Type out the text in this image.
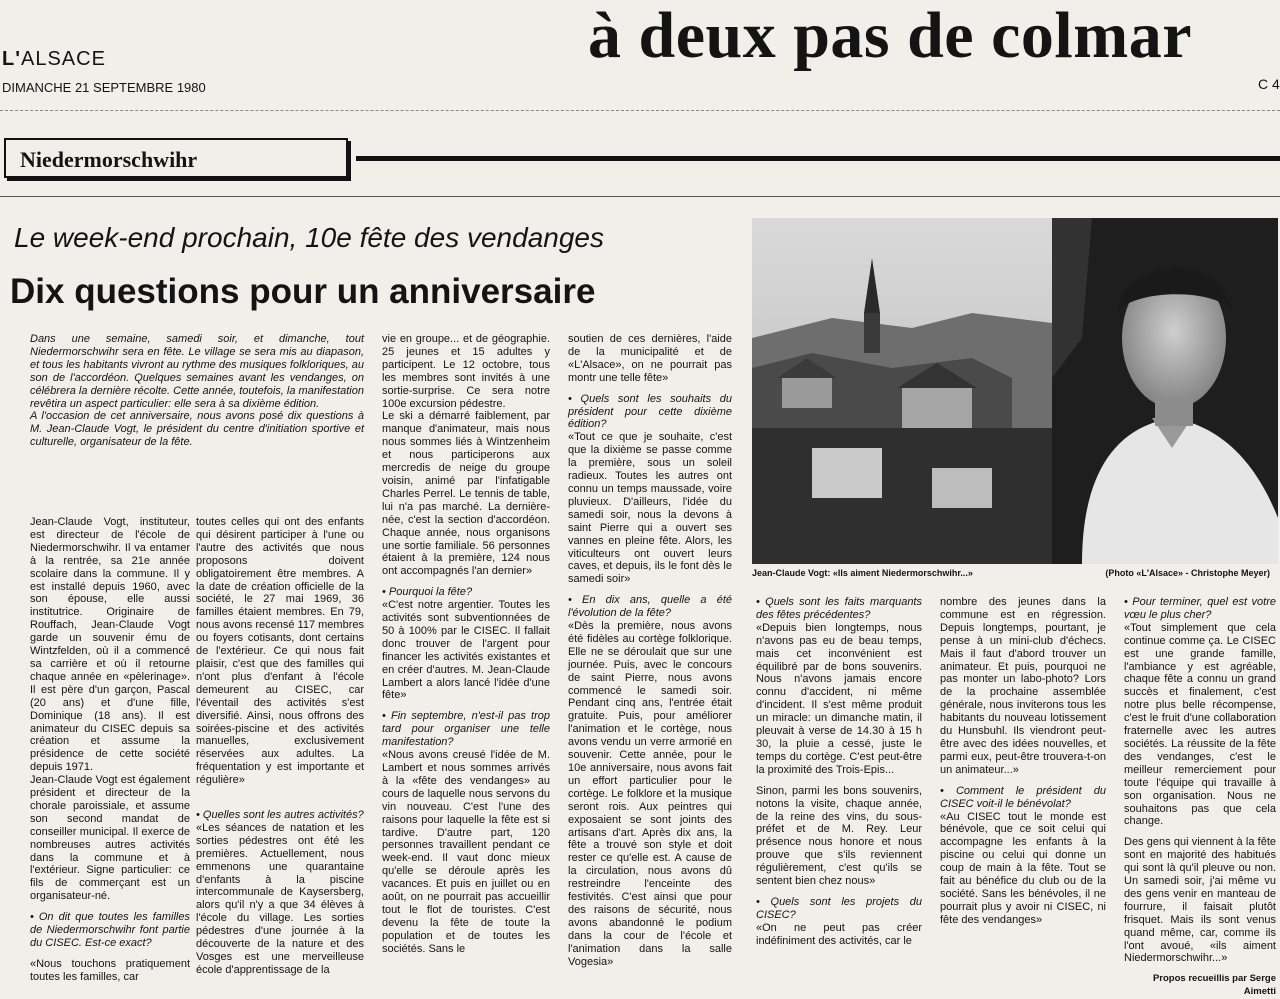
L'ALSACE	à deux pas de colmar
C 4
DIMANCHE 21 SEPTEMBRE 1980
Niedermorschwihr
Le week-end prochain, 10e fête des vendanges
Dix questions pour un anniversaire

Dans une semaine, samedi soir, et dimanche, tout Niedermorschwihr sera en fête. Le village se sera mis au diapason, et tous les habitants vivront au rythme des musiques folkloriques, au son de l'accordéon. Quelques semaines avant les vendanges, on célébrera la dernière récolte. Cette année, toutefois, la manifestation revêtira un aspect particulier: elle sera à sa dixième édition.

A l'occasion de cet anniversaire, nous avons posé dix questions à M. Jean-Claude Vogt, le président du centre d'initiation sportive et culturelle, organisateur de la fête.

Jean-Claude Vogt, instituteur, est directeur de l'école de Niedermorschwihr. Il va entamer à la rentrée, sa 21e année scolaire dans la commune. Il y est installé depuis 1960, avec son épouse, elle aussi institutrice. Originaire de Rouffach, Jean-Claude Vogt garde un souvenir ému de Wintzfelden, où il a commencé sa carrière et où il retourne chaque année en «pèlerinage». Il est père d'un garçon, Pascal (20 ans) et d'une fille, Dominique (18 ans). Il est animateur du CISEC depuis sa création et assume la présidence de cette société depuis 1971.

Jean-Claude Vogt est également président et directeur de la chorale paroissiale, et assume son second mandat de conseiller municipal. Il exerce de nombreuses autres activités dans la commune et à l'extérieur. Signe particulier: ce fils de commerçant est un organisateur-né.

• On dit que toutes les familles de Niedermorschwihr font partie du CISEC. Est-ce exact?

«Nous touchons pratiquement toutes les familles, car

toutes celles qui ont des enfants qui désirent participer à l'une ou l'autre des activités que nous proposons doivent obligatoirement être membres. A la date de création officielle de la société, le 27 mai 1969, 36 familles étaient membres. En 79, nous avons recensé 117 membres ou foyers cotisants, dont certains de l'extérieur. Ce qui nous fait plaisir, c'est que des familles qui n'ont plus d'enfant à l'école demeurent au CISEC, car l'éventail des activités s'est diversifié. Ainsi, nous offrons des soirées-piscine et des activités manuelles, exclusivement réservées aux adultes. La fréquentation y est importante et régulière»

• Quelles sont les autres activités?

«Les séances de natation et les sorties pédestres ont été les premières. Actuellement, nous emmenons une quarantaine d'enfants à la piscine intercommunale de Kaysersberg, alors qu'il n'y a que 34 élèves à l'école du village. Les sorties pédestres d'une journée à la découverte de la nature et des Vosges est une merveilleuse école d'apprentissage de la

vie en groupe... et de géographie. 25 jeunes et 15 adultes y participent. Le 12 octobre, tous les membres sont invités à une sortie-surprise. Ce sera notre 100e excursion pédestre.

Le ski a démarré faiblement, par manque d'animateur, mais nous nous sommes liés à Wintzenheim et nous participerons aux mercredis de neige du groupe voisin, animé par l'infatigable Charles Perrel. Le tennis de table, lui n'a pas marché. La dernière-née, c'est la section d'accordéon. Chaque année, nous organisons une sortie familiale. 56 personnes étaient à la première, 124 nous ont accompagnés l'an dernier»

• Pourquoi la fête?

«C'est notre argentier. Toutes les activités sont subventionnées de 50 à 100% par le CISEC. Il fallait donc trouver de l'argent pour financer les activités existantes et en créer d'autres. M. Jean-Claude Lambert a alors lancé l'idée d'une fête»

• Fin septembre, n'est-il pas trop tard pour organiser une telle manifestation?

«Nous avons creusé l'idée de M. Lambert et nous sommes arrivés à la «fête des vendanges» au cours de laquelle nous servons du vin nouveau. C'est l'une des raisons pour laquelle la fête est si tardive. D'autre part, 120 personnes travaillent pendant ce week-end. Il vaut donc mieux qu'elle se déroule après les vacances. Et puis en juillet ou en août, on ne pourrait pas accueillir tout le flot de touristes. C'est devenu la fête de toute la population et de toutes les sociétés. Sans le

soutien de ces dernières, l'aide de la municipalité et de «L'Alsace», on ne pourrait pas montr une telle fête»

• Quels sont les souhaits du président pour cette dixième édition?

«Tout ce que je souhaite, c'est que la dixième se passe comme la première, sous un soleil radieux. Toutes les autres ont connu un temps maussade, voire pluvieux. D'ailleurs, l'idée du samedi soir, nous la devons à saint Pierre qui a ouvert ses vannes en pleine fête. Alors, les viticulteurs ont ouvert leurs caves, et depuis, ils le font dès le samedi soir»

• En dix ans, quelle a été l'évolution de la fête?

«Dès la première, nous avons été fidèles au cortège folklorique. Elle ne se déroulait que sur une journée. Puis, avec le concours de saint Pierre, nous avons commencé le samedi soir. Pendant cinq ans, l'entrée était gratuite. Puis, pour améliorer l'animation et le cortège, nous avons vendu un verre armorié en souvenir. Cette année, pour le 10e anniversaire, nous avons fait un effort particulier pour le cortège. Le folklore et la musique seront rois. Aux peintres qui exposaient se sont joints des artisans d'art. Après dix ans, la fête a trouvé son style et doit rester ce qu'elle est. A cause de la circulation, nous avons dû restreindre l'enceinte des festivités. C'est ainsi que pour des raisons de sécurité, nous avons abandonné le podium dans la cour de l'école et l'animation dans la salle Vogesia»

Jean-Claude Vogt: «Ils aiment Niedermorschwihr...»	(Photo «L'Alsace» - Christophe Meyer)

• Quels sont les faits marquants des fêtes précédentes?

«Depuis bien longtemps, nous n'avons pas eu de beau temps, mais cet inconvénient est équilibré par de bons souvenirs. Nous n'avons jamais encore connu d'accident, ni même d'incident. Il s'est même produit un miracle: un dimanche matin, il pleuvait à verse de 14.30 à 15 h 30, la pluie a cessé, juste le temps du cortège. C'est peut-être la proximité des Trois-Epis...

Sinon, parmi les bons souvenirs, notons la visite, chaque année, de la reine des vins, du sous-préfet et de M. Rey. Leur présence nous honore et nous prouve que s'ils reviennent régulièrement, c'est qu'ils se sentent bien chez nous»

• Quels sont les projets du CISEC?

«On ne peut pas créer indéfiniment des activités, car le

nombre des jeunes dans la commune est en régression. Depuis longtemps, pourtant, je pense à un mini-club d'échecs. Mais il faut d'abord trouver un animateur. Et puis, pourquoi ne pas monter un labo-photo? Lors de la prochaine assemblée générale, nous inviterons tous les habitants du nouveau lotissement du Hunsbuhl. Ils viendront peut-être avec des idées nouvelles, et parmi eux, peut-être trouvera-t-on un animateur...»

• Comment le président du CISEC voit-il le bénévolat?

«Au CISEC tout le monde est bénévole, que ce soit celui qui accompagne les enfants à la piscine ou celui qui donne un coup de main à la fête. Tout se fait au bénéfice du club ou de la société. Sans les bénévoles, il ne pourrait plus y avoir ni CISEC, ni fête des vendanges»

• Pour terminer, quel est votre vœu le plus cher?

«Tout simplement que cela continue comme ça. Le CISEC est une grande famille, l'ambiance y est agréable, chaque fête a connu un grand succès et finalement, c'est notre plus belle récompense, c'est le fruit d'une collaboration fraternelle avec les autres sociétés. La réussite de la fête des vendanges, c'est le meilleur remerciement pour toute l'équipe qui travaille à son organisation. Nous ne souhaitons pas que cela change.

Des gens qui viennent à la fête sont en majorité des habitués qui sont là qu'il pleuve ou non. Un samedi soir, j'ai même vu des gens venir en manteau de fourrure, il faisait plutôt frisquet. Mais ils sont venus quand même, car, comme ils l'ont avoué, «ils aiment Niedermorschwihr...»

Propos recueillis par Serge Aimetti
